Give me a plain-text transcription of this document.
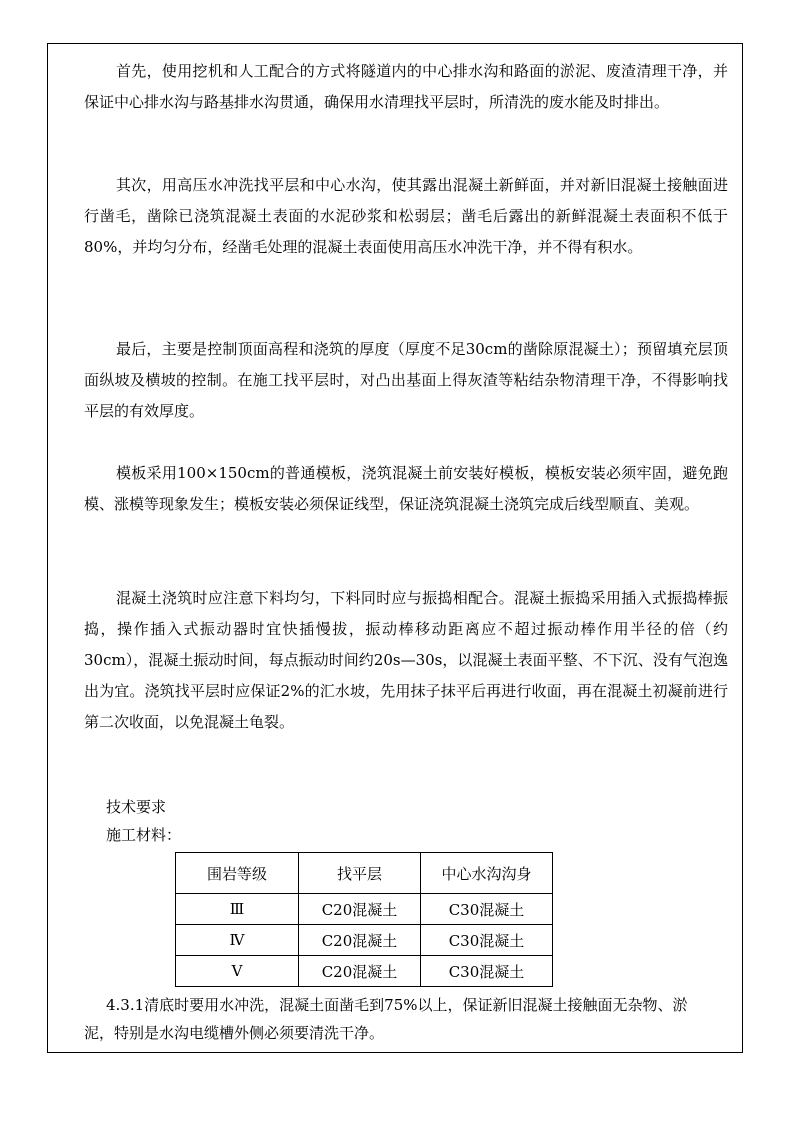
首先，使用挖机和人工配合的方式将隧道内的中心排水沟和路面的淤泥、废渣清理干净，并保证中心排水沟与路基排水沟贯通，确保用水清理找平层时，所清洗的废水能及时排出。

其次，用高压水冲洗找平层和中心水沟，使其露出混凝土新鲜面，并对新旧混凝土接触面进行凿毛，凿除已浇筑混凝土表面的水泥砂浆和松弱层；凿毛后露出的新鲜混凝土表面积不低于80%，并均匀分布，经凿毛处理的混凝土表面使用高压水冲洗干净，并不得有积水。

最后，主要是控制顶面高程和浇筑的厚度（厚度不足30cm的凿除原混凝土）；预留填充层顶面纵坡及横坡的控制。在施工找平层时，对凸出基面上得灰渣等粘结杂物清理干净，不得影响找平层的有效厚度。

模板采用100×150cm的普通模板，浇筑混凝土前安装好模板，模板安装必须牢固，避免跑模、涨模等现象发生；模板安装必须保证线型，保证浇筑混凝土浇筑完成后线型顺直、美观。

混凝土浇筑时应注意下料均匀，下料同时应与振捣相配合。混凝土振捣采用插入式振捣棒振捣，操作插入式振动器时宜快插慢拔，振动棒移动距离应不超过振动棒作用半径的倍（约30cm），混凝土振动时间，每点振动时间约20s—30s，以混凝土表面平整、不下沉、没有气泡逸出为宜。浇筑找平层时应保证2%的汇水坡，先用抹子抹平后再进行收面，再在混凝土初凝前进行第二次收面，以免混凝土龟裂。

技术要求

施工材料：

围岩等级	找平层	中心水沟沟身
Ⅲ	C20混凝土	C30混凝土
Ⅳ	C20混凝土	C30混凝土
Ⅴ	C20混凝土	C30混凝土

4.3.1清底时要用水冲洗，混凝土面凿毛到75%以上，保证新旧混凝土接触面无杂物、淤
泥，特别是水沟电缆槽外侧必须要清洗干净。
